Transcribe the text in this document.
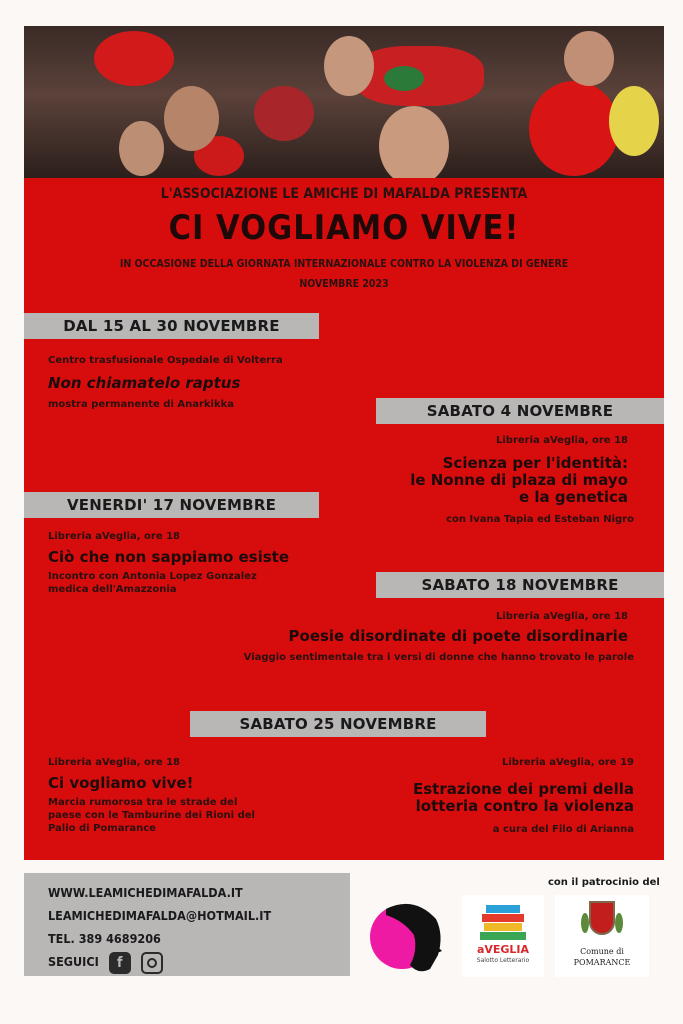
L'ASSOCIAZIONE LE AMICHE DI MAFALDA PRESENTA
CI VOGLIAMO VIVE!
IN OCCASIONE DELLA GIORNATA INTERNAZIONALE CONTRO LA VIOLENZA DI GENERE
NOVEMBRE 2023
DAL 15 AL 30 NOVEMBRE
Centro trasfusionale Ospedale di Volterra
Non chiamatelo raptus
mostra permanente di Anarkikka	SABATO 4 NOVEMBRE
Libreria aVeglia, ore 18
Scienza per l'identità:
le Nonne di plaza di mayo
e la genetica
con Ivana Tapia ed Esteban Nigro
VENERDI' 17 NOVEMBRE
Libreria aVeglia, ore 18
Ciò che non sappiamo esiste
Incontro con Antonia Lopez Gonzalez
medica dell'Amazzonia	SABATO 18 NOVEMBRE
Libreria aVeglia, ore 18
Poesie disordinate di poete disordinarie
Viaggio sentimentale tra i versi di donne che hanno trovato le parole
SABATO 25 NOVEMBRE
Libreria aVeglia, ore 18
Ci vogliamo vive!
Marcia rumorosa tra le strade del
paese con le Tamburine dei Rioni del
Palio di Pomarance
Libreria aVeglia, ore 19
Estrazione dei premi della
lotteria contro la violenza
a cura del Filo di Arianna
WWW.LEAMICHEDIMAFALDA.IT
LEAMICHEDIMAFALDA@HOTMAIL.IT
TEL. 389 4689206
SEGUICI f
con il patrocinio del
aVEGLIA
Salotto Letterario
Comune di
POMARANCE
